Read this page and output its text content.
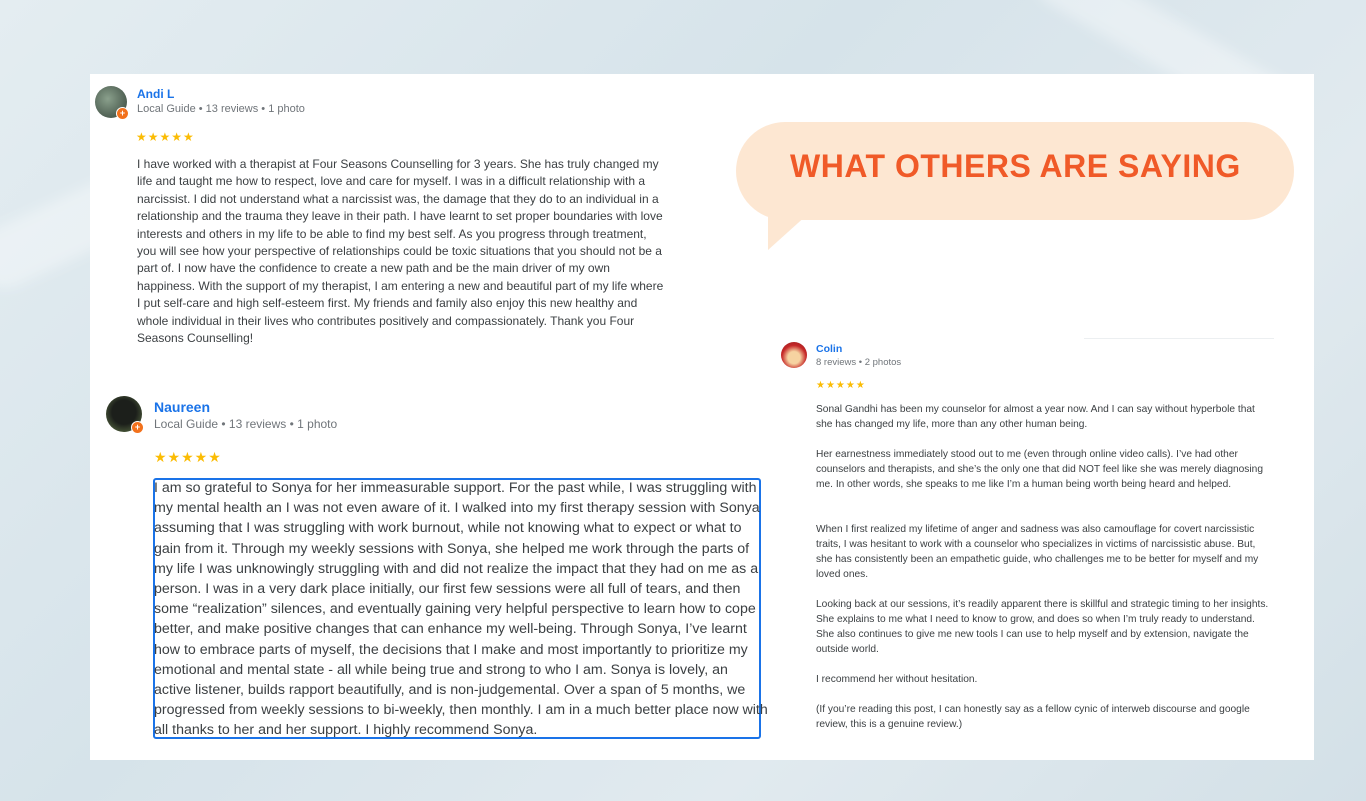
+
Andi L
Local Guide • 13 reviews • 1 photo
★★★★★

I have worked with a therapist at Four Seasons Counselling for 3 years. She has truly changed my life and taught me how to respect, love and care for myself. I was in a difficult relationship with a narcissist. I did not understand what a narcissist was, the damage that they do to an individual in a relationship and the trauma they leave in their path. I have learnt to set proper boundaries with love interests and others in my life to be able to find my best self. As you progress through treatment, you will see how your perspective of relationships could be toxic situations that you should not be a part of. I now have the confidence to create a new path and be the main driver of my own happiness. With the support of my therapist, I am entering a new and beautiful part of my life where I put self-care and high self-esteem first. My friends and family also enjoy this new healthy and whole individual in their lives who contributes positively and compassionately. Thank you Four Seasons Counselling!

+
Naureen
Local Guide • 13 reviews • 1 photo
★★★★★

I am so grateful to Sonya for her immeasurable support. For the past while, I was struggling with my mental health an I was not even aware of it. I walked into my first therapy session with Sonya assuming that I was struggling with work burnout, while not knowing what to expect or what to gain from it. Through my weekly sessions with Sonya, she helped me work through the parts of my life I was unknowingly struggling with and did not realize the impact that they had on me as a person. I was in a very dark place initially, our first few sessions were all full of tears, and then some “realization” silences, and eventually gaining very helpful perspective to learn how to cope better, and make positive changes that can enhance my well-being. Through Sonya, I’ve learnt how to embrace parts of myself, the decisions that I make and most importantly to prioritize my emotional and mental state - all while being true and strong to who I am. Sonya is lovely, an active listener, builds rapport beautifully, and is non-judgemental. Over a span of 5 months, we progressed from weekly sessions to bi-weekly, then monthly. I am in a much better place now with all thanks to her and her support. I highly recommend Sonya.

WHAT OTHERS ARE SAYING
Colin
8 reviews • 2 photos
★★★★★

Sonal Gandhi has been my counselor for almost a year now. And I can say without hyperbole that she has changed my life, more than any other human being.

Her earnestness immediately stood out to me (even through online video calls). I’ve had other counselors and therapists, and she’s the only one that did NOT feel like she was merely diagnosing me. In other words, she speaks to me like I’m a human being worth being heard and helped.

When I first realized my lifetime of anger and sadness was also camouflage for covert narcissistic traits, I was hesitant to work with a counselor who specializes in victims of narcissistic abuse. But, she has consistently been an empathetic guide, who challenges me to be better for myself and my loved ones.

Looking back at our sessions, it’s readily apparent there is skillful and strategic timing to her insights. She explains to me what I need to know to grow, and does so when I’m truly ready to understand. She also continues to give me new tools I can use to help myself and by extension, navigate the outside world.

I recommend her without hesitation.

(If you’re reading this post, I can honestly say as a fellow cynic of interweb discourse and google review, this is a genuine review.)
